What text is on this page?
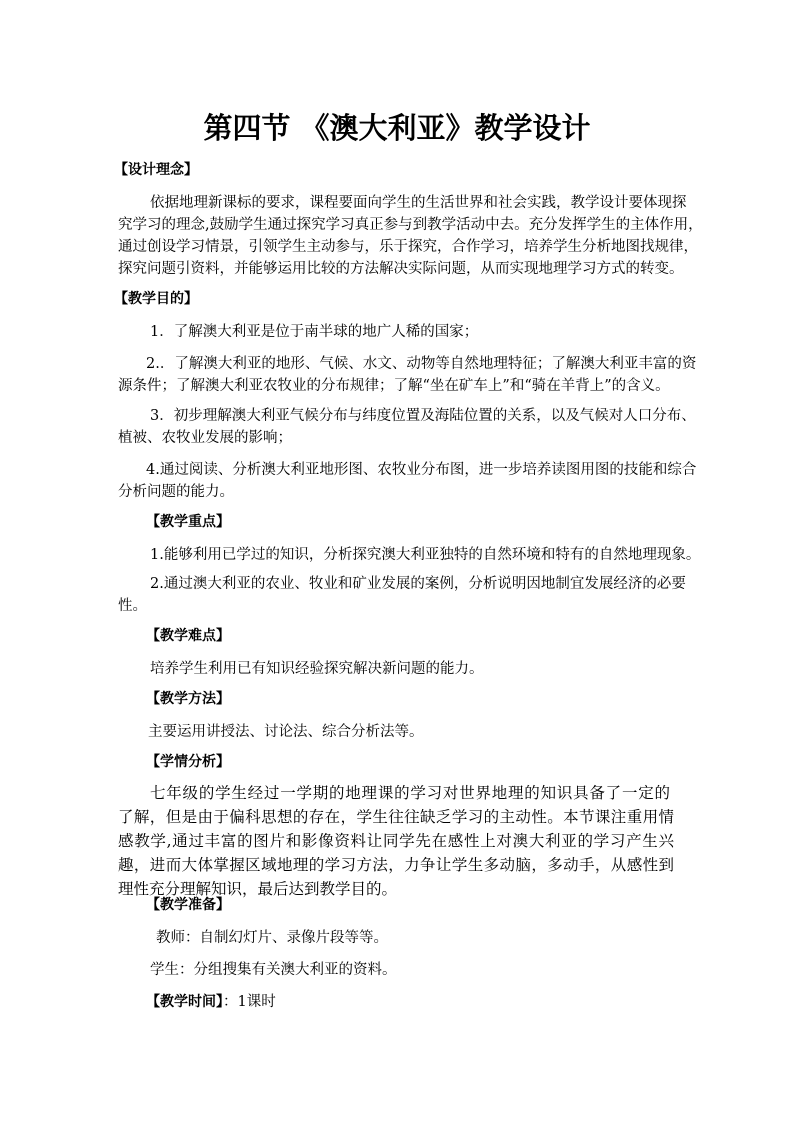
第四节 《澳大利亚》教学设计
【设计理念】
依据地理新课标的要求，课程要面向学生的生活世界和社会实践，教学设计要体现探
究学习的理念,鼓励学生通过探究学习真正参与到教学活动中去。充分发挥学生的主体作用，
通过创设学习情景，引领学生主动参与，乐于探究，合作学习，培养学生分析地图找规律，
探究问题引资料，并能够运用比较的方法解决实际问题，从而实现地理学习方式的转变。
【教学目的】
1．了解澳大利亚是位于南半球的地广人稀的国家；
2.．了解澳大利亚的地形、气候、水文、动物等自然地理特征；了解澳大利亚丰富的资
源条件；了解澳大利亚农牧业的分布规律；了解“坐在矿车上”和“骑在羊背上”的含义。
3．初步理解澳大利亚气候分布与纬度位置及海陆位置的关系，以及气候对人口分布、
植被、农牧业发展的影响；
4.通过阅读、分析澳大利亚地形图、农牧业分布图，进一步培养读图用图的技能和综合
分析问题的能力。
【教学重点】
1.能够利用已学过的知识，分析探究澳大利亚独特的自然环境和特有的自然地理现象。
2.通过澳大利亚的农业、牧业和矿业发展的案例，分析说明因地制宜发展经济的必要
性。
【教学难点】
培养学生利用已有知识经验探究解决新问题的能力。
【教学方法】
主要运用讲授法、讨论法、综合分析法等。
【学情分析】
七年级的学生经过一学期的地理课的学习对世界地理的知识具备了一定的
了解，但是由于偏科思想的存在，学生往往缺乏学习的主动性。本节课注重用情
感教学,通过丰富的图片和影像资料让同学先在感性上对澳大利亚的学习产生兴
趣，进而大体掌握区域地理的学习方法，力争让学生多动脑，多动手，从感性到
理性充分理解知识，最后达到教学目的。
【教学准备】
教师：自制幻灯片、录像片段等等。
学生：分组搜集有关澳大利亚的资料。
【教学时间】：1课时
